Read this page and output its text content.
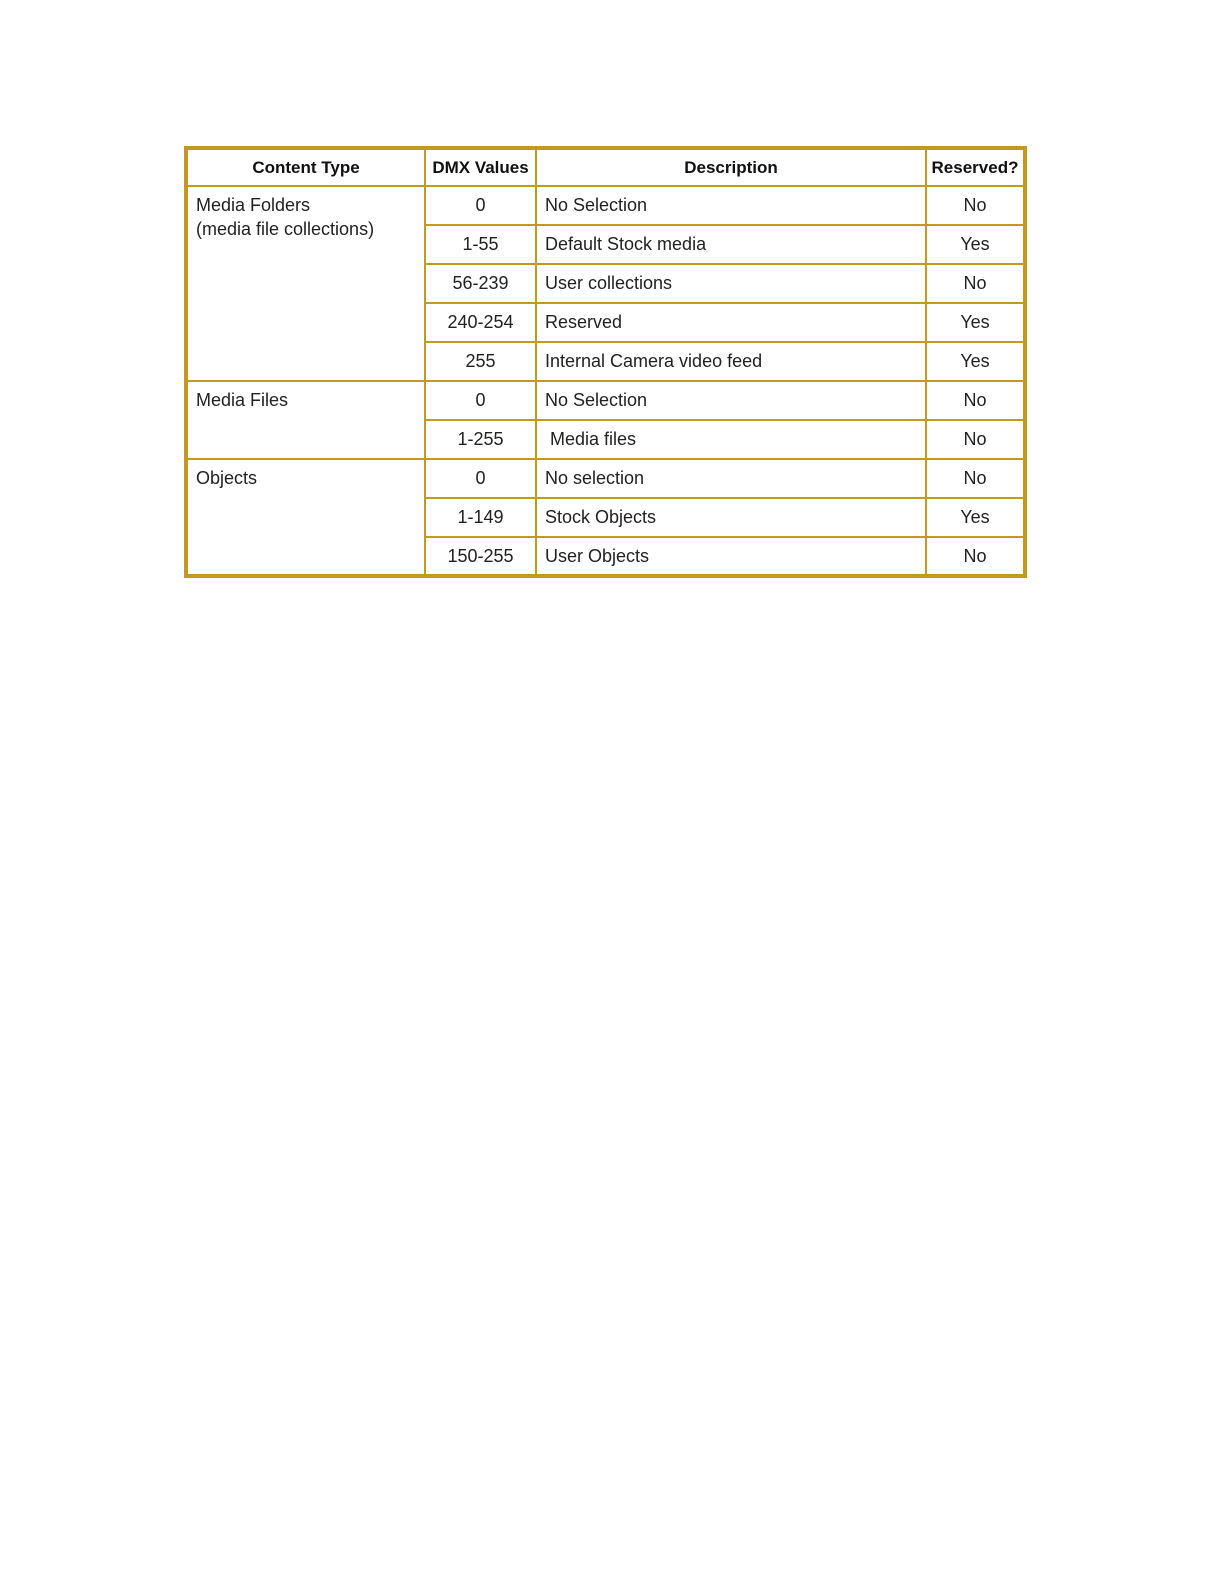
Content Type	DMX Values	Description	Reserved?

Media Folders
(media file collections)	0	No Selection	No
	1-55	Default Stock media	Yes
	56-239	User collections	No
	240-254	Reserved	Yes
	255	Internal Camera video feed	Yes

Media Files	0	No Selection	No
	1-255	Media files	No

Objects	0	No selection	No
	1-149	Stock Objects	Yes
	150-255	User Objects	No
